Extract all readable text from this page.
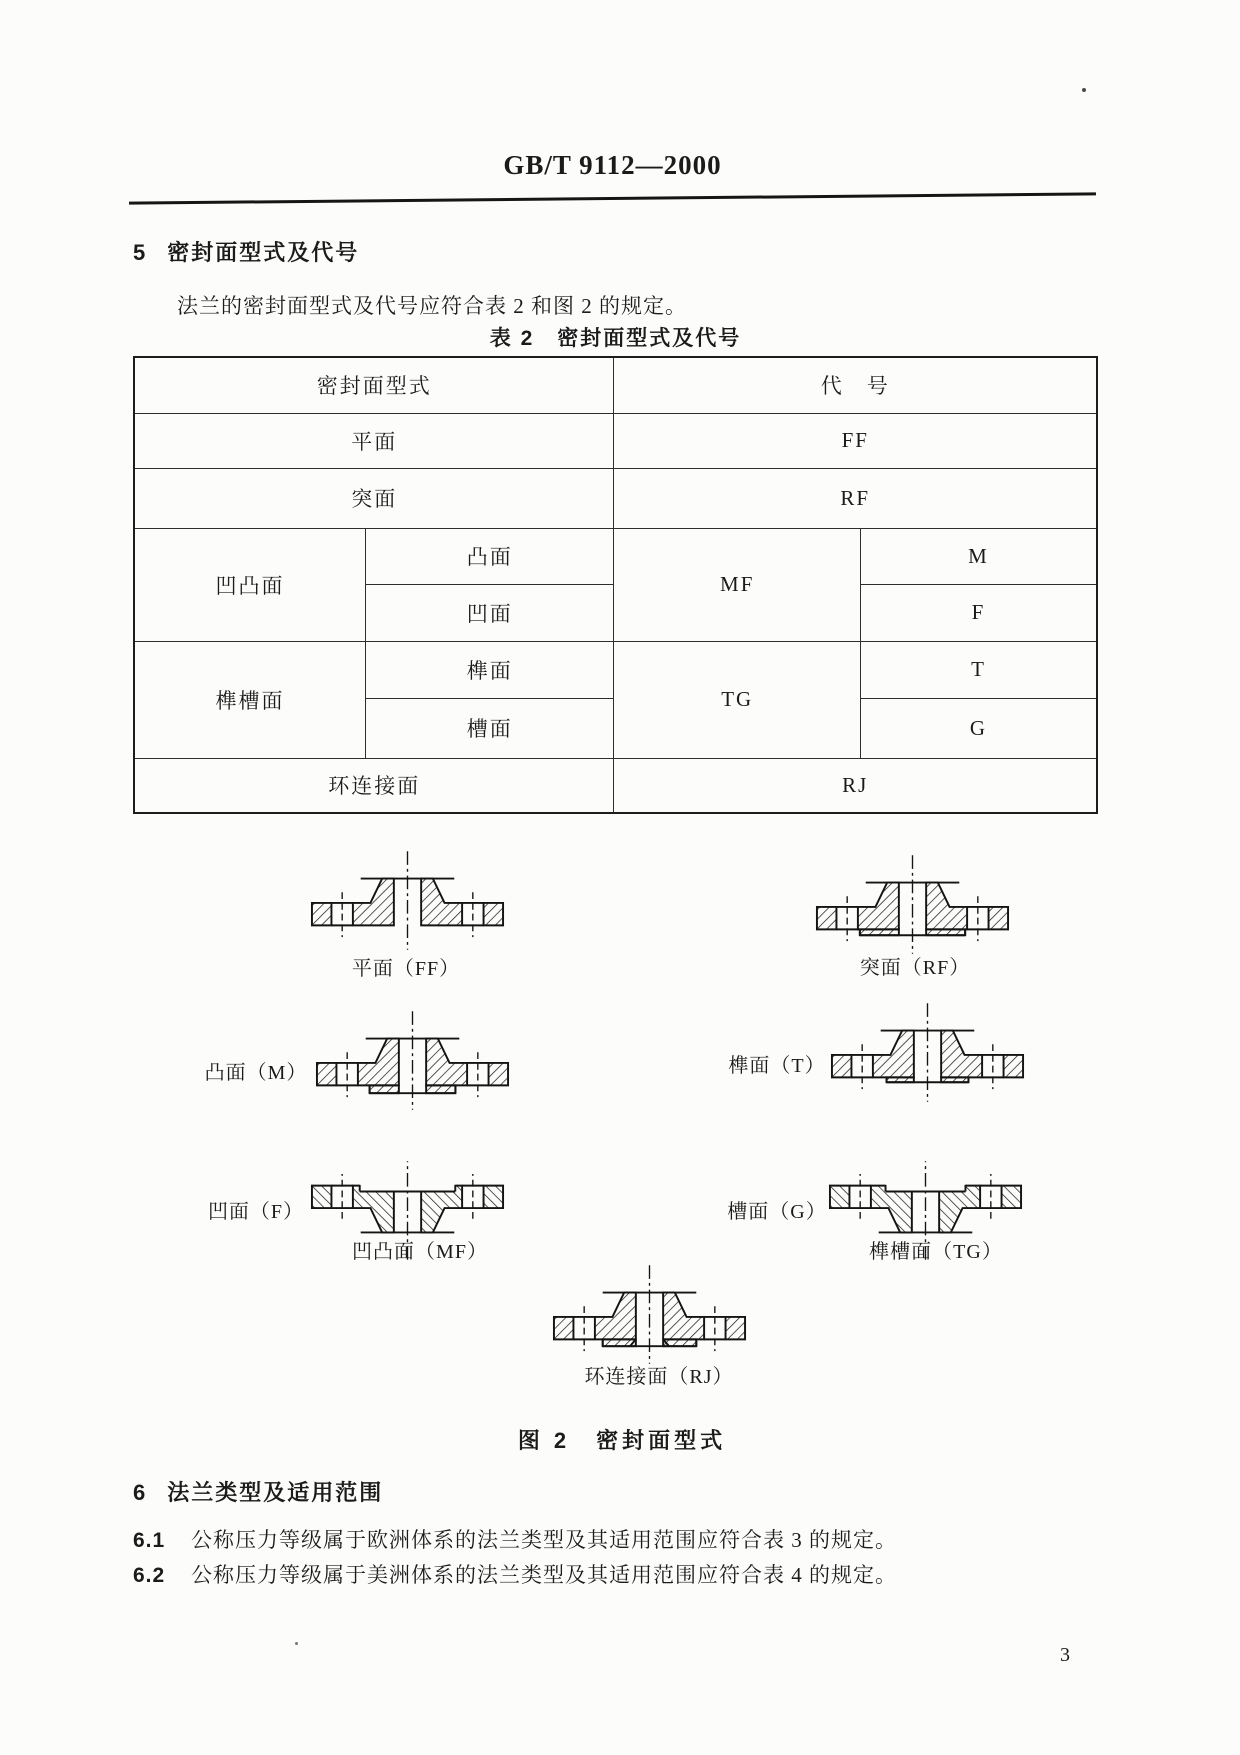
GB/T 9112—2000
5 密封面型式及代号
法兰的密封面型式及代号应符合表 2 和图 2 的规定。
表 2　密封面型式及代号
密封面型式		代　号	
平面		FF	
突面		RF	
凹凸面	凸面	MF	M
	凹面		F
榫槽面	榫面	TG	T
	槽面		G
环连接面		RJ	
平面（FF）	突面（RF）
凸面（M）	榫面（T）
凹面（F）	槽面（G）
凹凸面（MF）	榫槽面（TG）
环连接面（RJ）
图 2　密封面型式
6 法兰类型及适用范围
6.1 公称压力等级属于欧洲体系的法兰类型及其适用范围应符合表 3 的规定。
6.2 公称压力等级属于美洲体系的法兰类型及其适用范围应符合表 4 的规定。
3
